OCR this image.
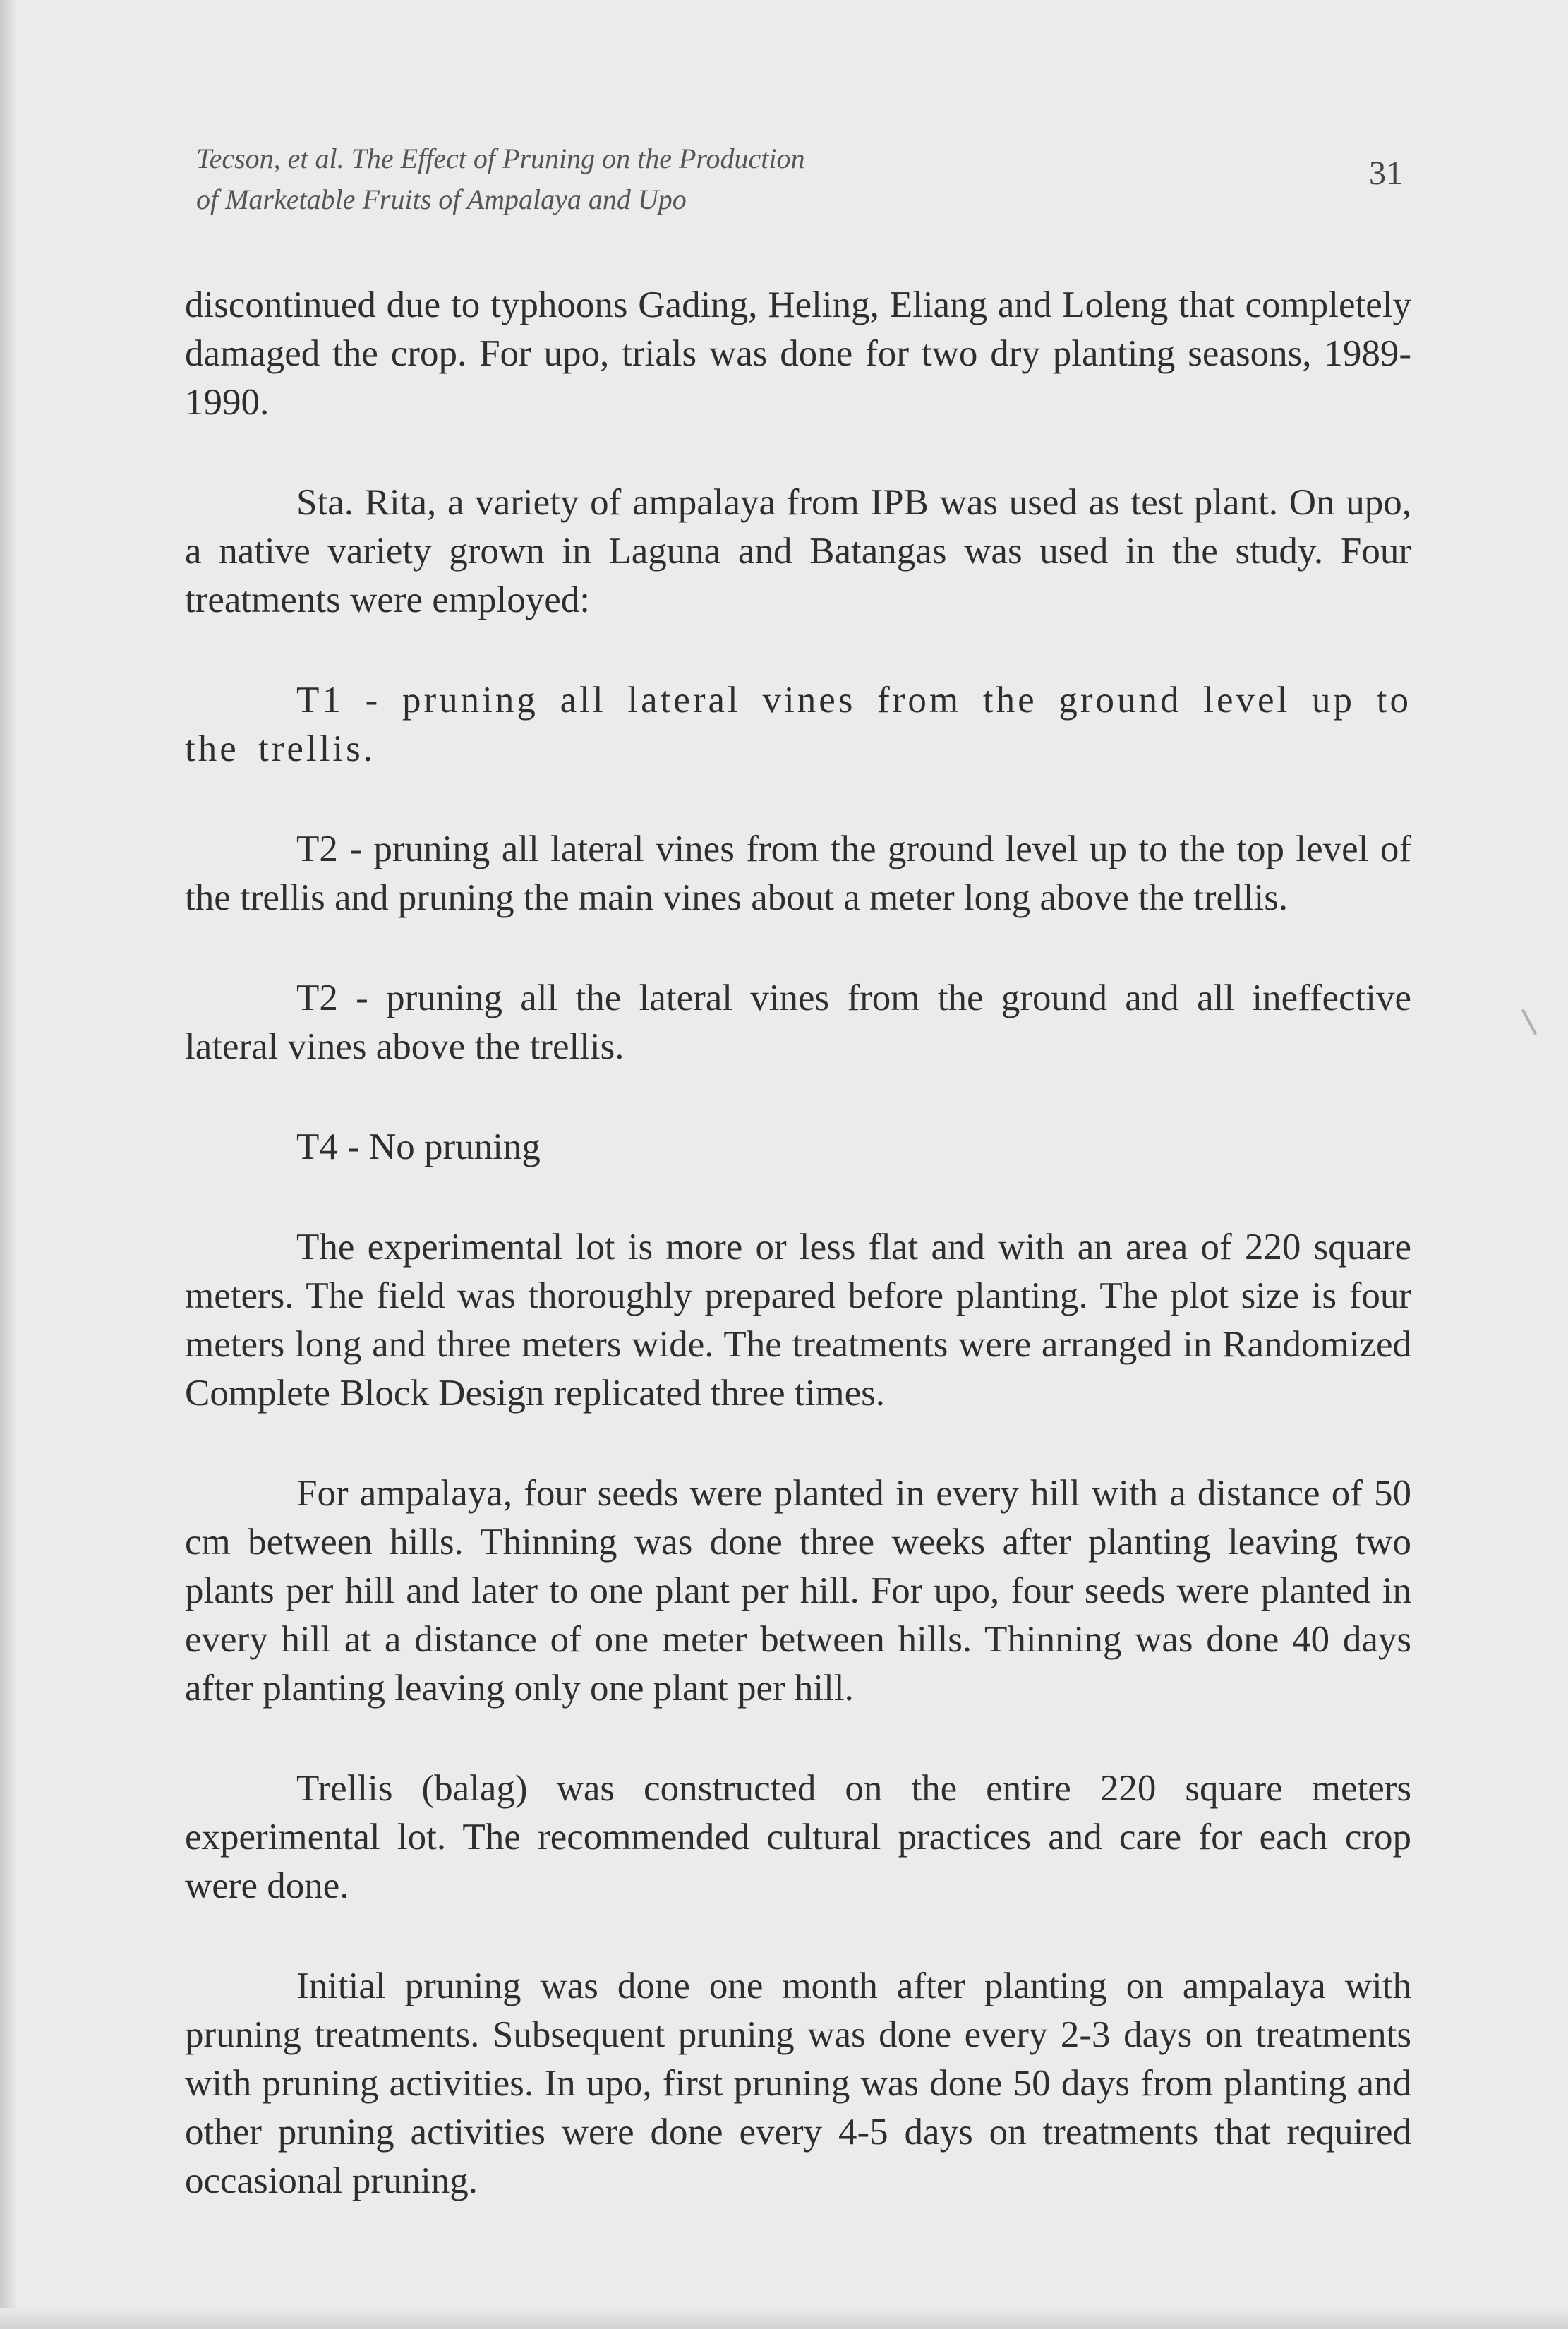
Tecson, et al. The Effect of Pruning on the Production
of Marketable Fruits of Ampalaya and Upo
31

discontinued due to typhoons Gading, Heling, Eliang and Loleng that completely damaged the crop. For upo, trials was done for two dry planting seasons, 1989-1990.

Sta. Rita, a variety of ampalaya from IPB was used as test plant. On upo, a native variety grown in Laguna and Batangas was used in the study. Four treatments were employed:

T1 - pruning all lateral vines from the ground level up to the trellis.

T2 - pruning all lateral vines from the ground level up to the top level of the trellis and pruning the main vines about a meter long above the trellis.

T2 - pruning all the lateral vines from the ground and all ineffective lateral vines above the trellis.

T4 - No pruning

The experimental lot is more or less flat and with an area of 220 square meters. The field was thoroughly prepared before planting. The plot size is four meters long and three meters wide. The treatments were arranged in Randomized Complete Block Design replicated three times.

For ampalaya, four seeds were planted in every hill with a distance of 50 cm between hills. Thinning was done three weeks after planting leaving two plants per hill and later to one plant per hill. For upo, four seeds were planted in every hill at a distance of one meter between hills. Thinning was done 40 days after planting leaving only one plant per hill.

Trellis (balag) was constructed on the entire 220 square meters experimental lot. The recommended cultural practices and care for each crop were done.

Initial pruning was done one month after planting on ampalaya with pruning treatments. Subsequent pruning was done every 2-3 days on treatments with pruning activities. In upo, first pruning was done 50 days from planting and other pruning activities were done every 4-5 days on treatments that required occasional pruning.
